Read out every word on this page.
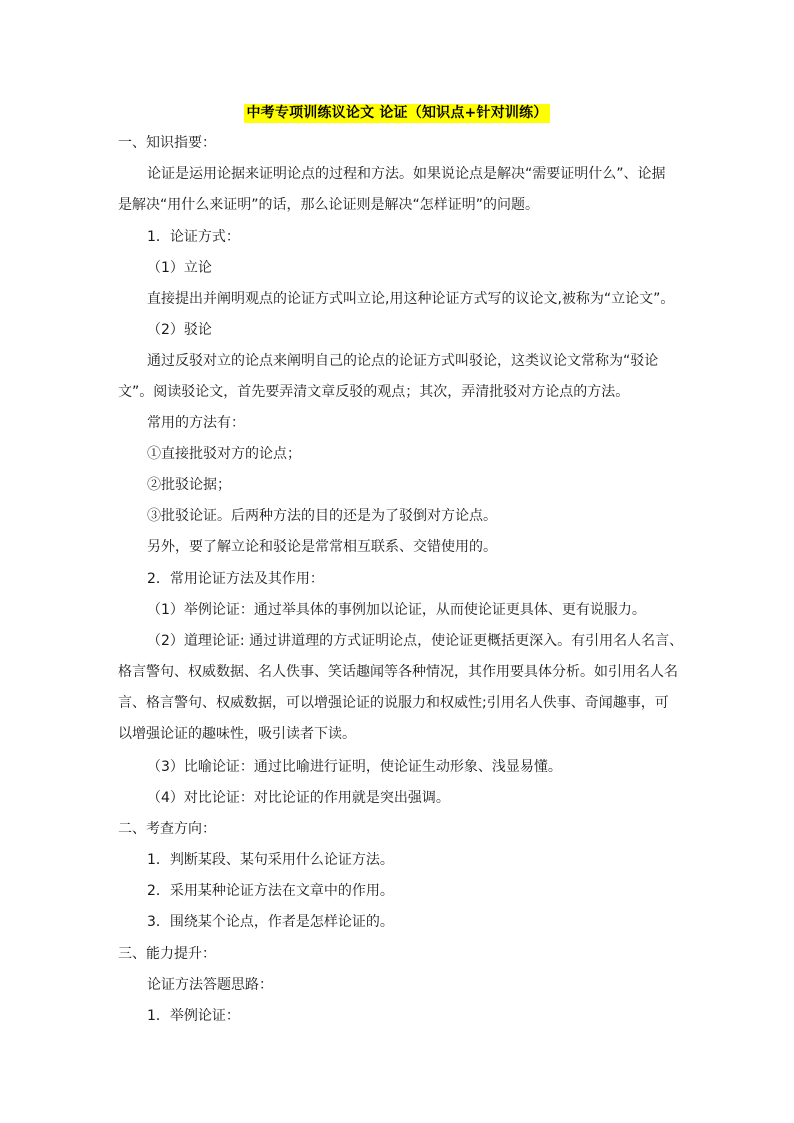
中考专项训练议论文 论证（知识点+针对训练）
一、知识指要：
论证是运用论据来证明论点的过程和方法。如果说论点是解决“需要证明什么”、论据
是解决“用什么来证明”的话，那么论证则是解决“怎样证明”的问题。
1．论证方式：
（1）立论
直接提出并阐明观点的论证方式叫立论,用这种论证方式写的议论文,被称为“立论文”。
（2）驳论
通过反驳对立的论点来阐明自己的论点的论证方式叫驳论，这类议论文常称为“驳论
文”。阅读驳论文，首先要弄清文章反驳的观点；其次，弄清批驳对方论点的方法。
常用的方法有：
①直接批驳对方的论点；
②批驳论据；
③批驳论证。后两种方法的目的还是为了驳倒对方论点。
另外，要了解立论和驳论是常常相互联系、交错使用的。
2．常用论证方法及其作用：
（1）举例论证：通过举具体的事例加以论证，从而使论证更具体、更有说服力。
（2）道理论证: 通过讲道理的方式证明论点，使论证更概括更深入。有引用名人名言、
格言警句、权威数据、名人佚事、笑话趣闻等各种情况，其作用要具体分析。如引用名人名
言、格言警句、权威数据，可以增强论证的说服力和权威性;引用名人佚事、奇闻趣事，可
以增强论证的趣味性，吸引读者下读。
（3）比喻论证：通过比喻进行证明，使论证生动形象、浅显易懂。
（4）对比论证：对比论证的作用就是突出强调。
二、考查方向：
1．判断某段、某句采用什么论证方法。
2．采用某种论证方法在文章中的作用。
3．围绕某个论点，作者是怎样论证的。
三、能力提升：
论证方法答题思路：
1．举例论证：
